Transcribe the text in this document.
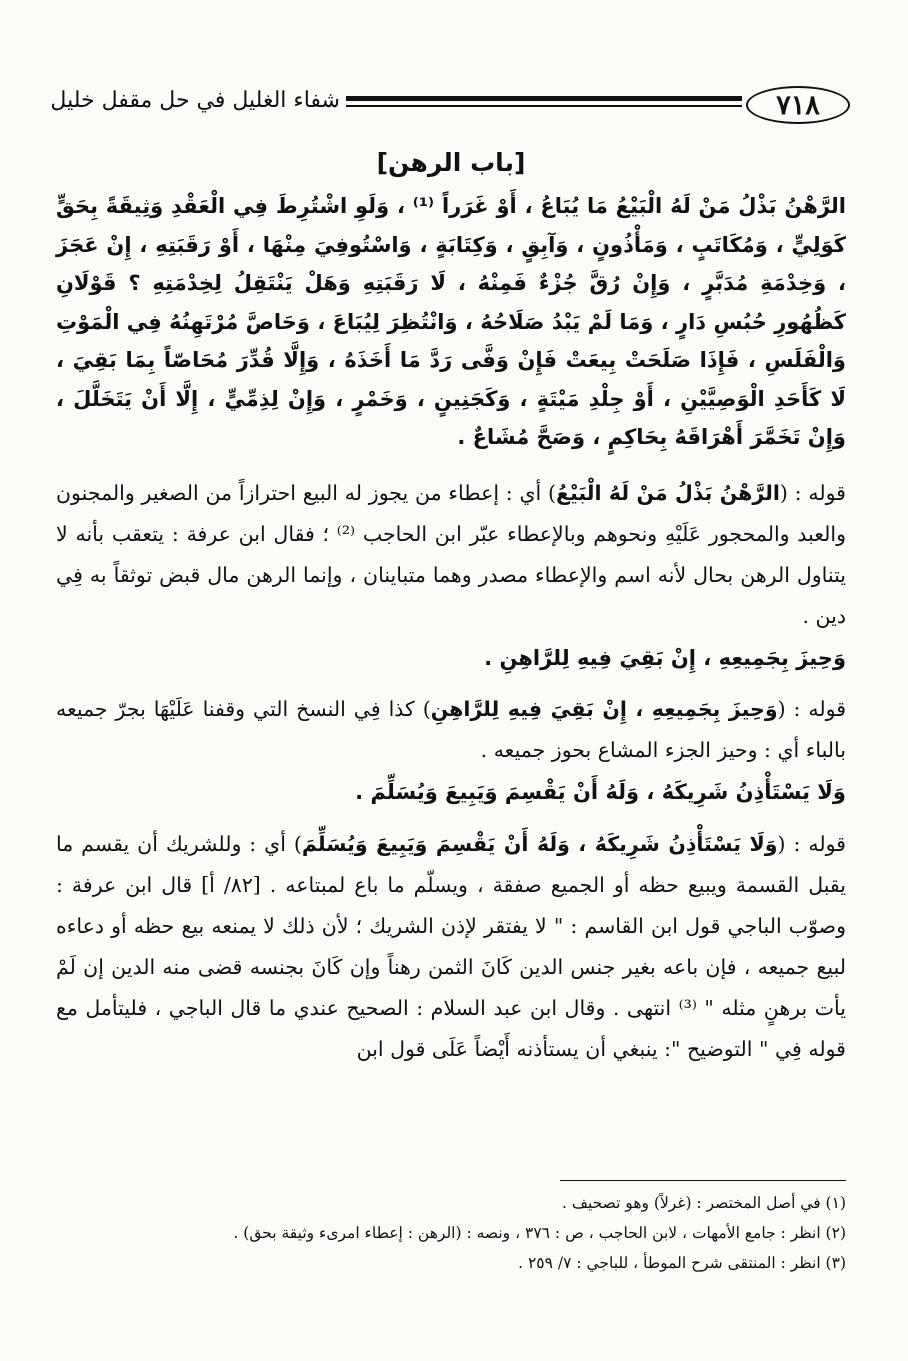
٧١٨
شفاء الغليل في حل مقفل خليل
[باب الرهن]

الرَّهْنُ بَذْلُ مَنْ لَهُ الْبَيْعُ مَا يُبَاعُ ، أَوْ غَرَراً ⁽¹⁾ ، وَلَوِ اشْتُرِطَ فِي الْعَقْدِ وَثِيقَةً بِحَقٍّ كَوَلِيٍّ ، وَمُكَاتَبٍ ، وَمَأْذُونٍ ، وَآبِقٍ ، وَكِتَابَةٍ ، وَاسْتُوفِيَ مِنْهَا ، أَوْ رَقَبَتِهِ ، إِنْ عَجَزَ ، وَخِدْمَةِ مُدَبَّرٍ ، وَإِنْ رُقَّ جُزْءٌ فَمِنْهُ ، لَا رَقَبَتِهِ وَهَلْ يَنْتَقِلُ لِخِدْمَتِهِ ؟ قَوْلَانِ كَظُهُورِ حُبُسِ دَارٍ ، وَمَا لَمْ يَبْدُ صَلَاحُهُ ، وَانْتُظِرَ لِيُبَاعَ ، وَحَاصَّ مُرْتَهِنُهُ فِي الْمَوْتِ وَالْفَلَسِ ، فَإِذَا صَلَحَتْ بِيعَتْ فَإِنْ وَفَّى رَدَّ مَا أَخَذَهُ ، وَإِلَّا قُدِّرَ مُحَاصّاً بِمَا بَقِيَ ، لَا كَأَحَدِ الْوَصِيَّيْنِ ، أَوْ جِلْدِ مَيْتَةٍ ، وَكَجَنِينٍ ، وَخَمْرٍ ، وَإِنْ لِذِمِّيٍّ ، إِلَّا أَنْ يَتَخَلَّلَ ، وَإِنْ تَخَمَّرَ أَهْرَاقَهُ بِحَاكِمٍ ، وَصَحَّ مُشَاعٌ .

قوله : (الرَّهْنُ بَذْلُ مَنْ لَهُ الْبَيْعُ) أي : إعطاء من يجوز له البيع احترازاً من الصغير والمجنون والعبد والمحجور عَلَيْهِ ونحوهم وبالإعطاء عبّر ابن الحاجب ⁽²⁾ ؛ فقال ابن عرفة : يتعقب بأنه لا يتناول الرهن بحال لأنه اسم والإعطاء مصدر وهما متباينان ، وإنما الرهن مال قبض توثقاً به فِي دين .

وَحِيزَ بِجَمِيعِهِ ، إِنْ بَقِيَ فِيهِ لِلرَّاهِنِ .

قوله : (وَحِيزَ بِجَمِيعِهِ ، إِنْ بَقِيَ فِيهِ لِلرَّاهِنِ) كذا فِي النسخ التي وقفنا عَلَيْهَا بجرّ جميعه بالباء أي : وحيز الجزء المشاع بحوز جميعه .

وَلَا يَسْتَأْذِنُ شَرِيكَهُ ، وَلَهُ أَنْ يَقْسِمَ وَيَبِيعَ وَيُسَلِّمَ .

قوله : (وَلَا يَسْتَأْذِنُ شَرِيكَهُ ، وَلَهُ أَنْ يَقْسِمَ وَيَبِيعَ وَيُسَلِّمَ) أي : وللشريك أن يقسم ما يقبل القسمة ويبيع حظه أو الجميع صفقة ، ويسلّم ما باع لمبتاعه . [٨٢/ أ] قال ابن عرفة : وصوّب الباجي قول ابن القاسم : " لا يفتقر لإذن الشريك ؛ لأن ذلك لا يمنعه بيع حظه أو دعاءه لبيع جميعه ، فإن باعه بغير جنس الدين كَانَ الثمن رهناً وإن كَانَ بجنسه قضى منه الدين إن لَمْ يأت برهنٍ مثله " ⁽³⁾ انتهى . وقال ابن عبد السلام : الصحيح عندي ما قال الباجي ، فليتأمل مع قوله فِي " التوضيح ": ينبغي أن يستأذنه أَيْضاً عَلَى قول ابن

(١) في أصل المختصر : (غرلاً) وهو تصحيف .

(٢) انظر : جامع الأمهات ، لابن الحاجب ، ص : ٣٧٦ ، ونصه : (الرهن : إعطاء امرىء وثيقة بحق) .

(٣) انظر : المنتقى شرح الموطأ ، للباجي : ٧/ ٢٥٩ .
